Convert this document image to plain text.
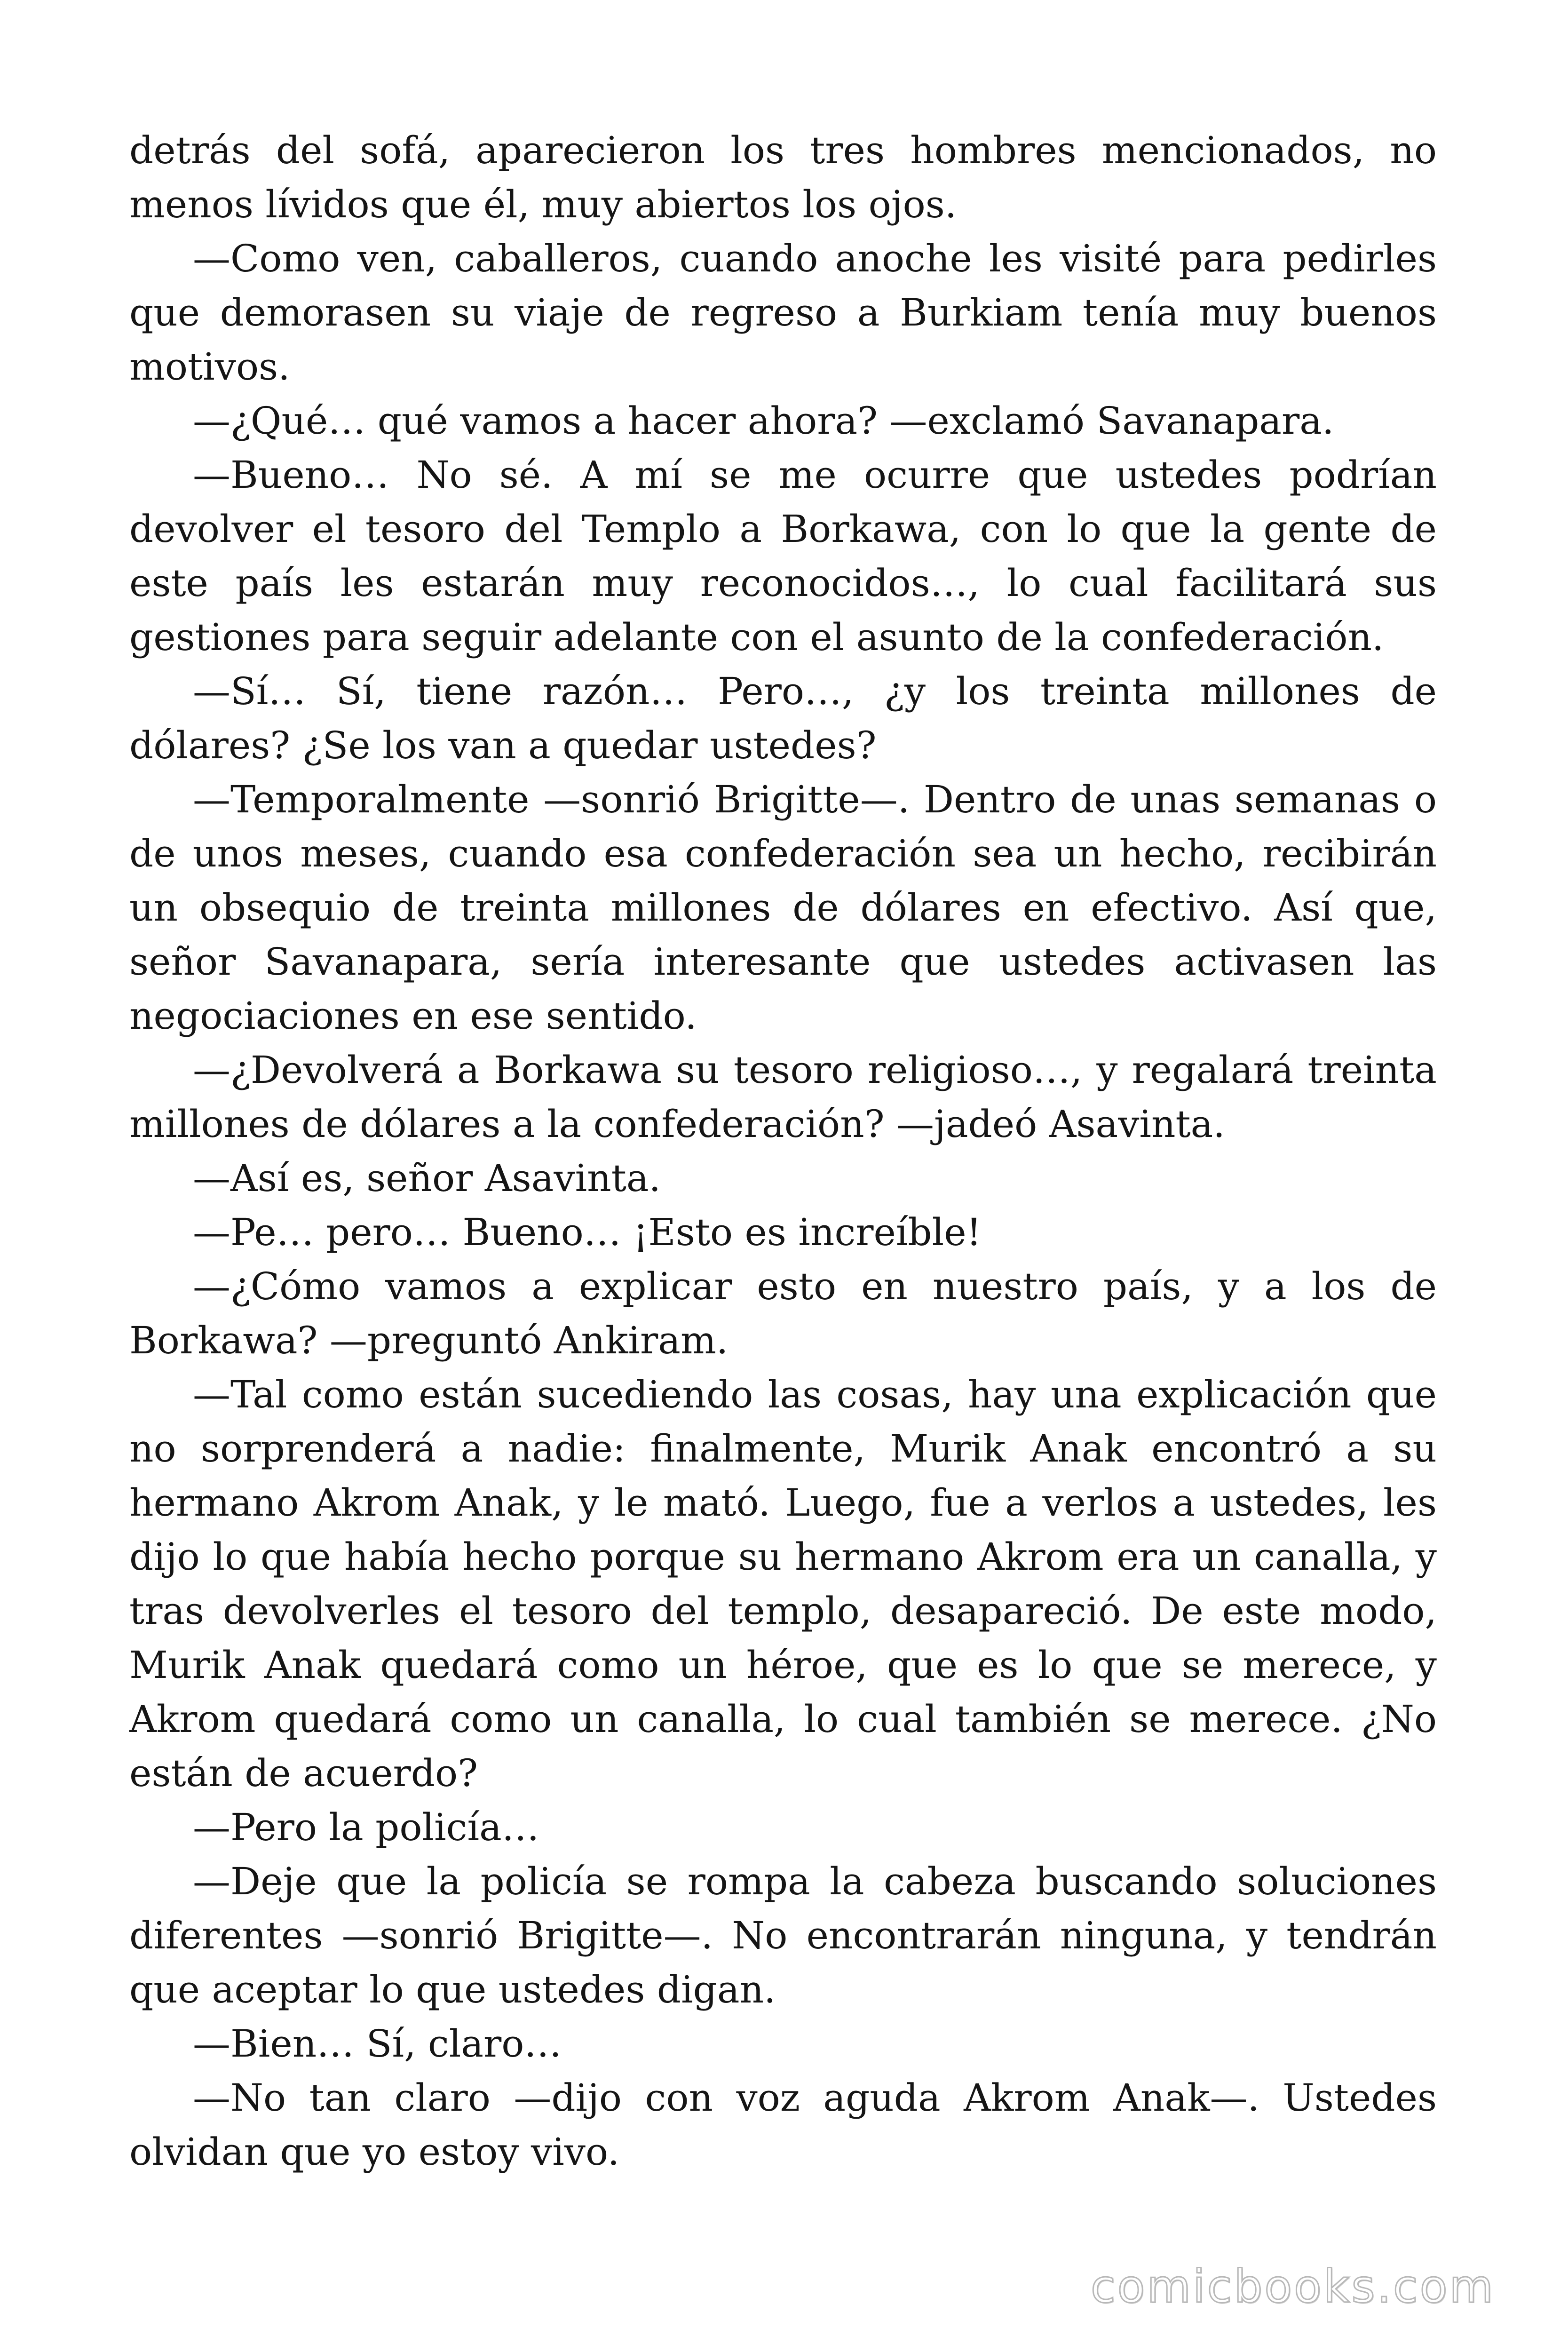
detrás del sofá, aparecieron los tres hombres mencionados, no menos lívidos que él, muy abiertos los ojos.

—Como ven, caballeros, cuando anoche les visité para pedirles que demorasen su viaje de regreso a Burkiam tenía muy buenos motivos.

—¿Qué… qué vamos a hacer ahora? —exclamó Savanapara.

—Bueno… No sé. A mí se me ocurre que ustedes podrían devolver el tesoro del Templo a Borkawa, con lo que la gente de este país les estarán muy reconocidos…, lo cual facilitará sus gestiones para seguir adelante con el asunto de la confederación.

—Sí… Sí, tiene razón… Pero…, ¿y los treinta millones de dólares? ¿Se los van a quedar ustedes?

—Temporalmente —sonrió Brigitte—. Dentro de unas semanas o de unos meses, cuando esa confederación sea un hecho, recibirán un obsequio de treinta millones de dólares en efectivo. Así que, señor Savanapara, sería interesante que ustedes activasen las negociaciones en ese sentido.

—¿Devolverá a Borkawa su tesoro religioso…, y regalará treinta millones de dólares a la confederación? —jadeó Asavinta.

—Así es, señor Asavinta.

—Pe… pero… Bueno… ¡Esto es increíble!

—¿Cómo vamos a explicar esto en nuestro país, y a los de Borkawa? —preguntó Ankiram.

—Tal como están sucediendo las cosas, hay una explicación que no sorprenderá a nadie: finalmente, Murik Anak encontró a su hermano Akrom Anak, y le mató. Luego, fue a verlos a ustedes, les dijo lo que había hecho porque su hermano Akrom era un canalla, y tras devolverles el tesoro del templo, desapareció. De este modo, Murik Anak quedará como un héroe, que es lo que se merece, y Akrom quedará como un canalla, lo cual también se merece. ¿No están de acuerdo?

—Pero la policía…

—Deje que la policía se rompa la cabeza buscando soluciones diferentes —sonrió Brigitte—. No encontrarán ninguna, y tendrán que aceptar lo que ustedes digan.

—Bien… Sí, claro…

—No tan claro —dijo con voz aguda Akrom Anak—. Ustedes olvidan que yo estoy vivo.

comicbooks.com
